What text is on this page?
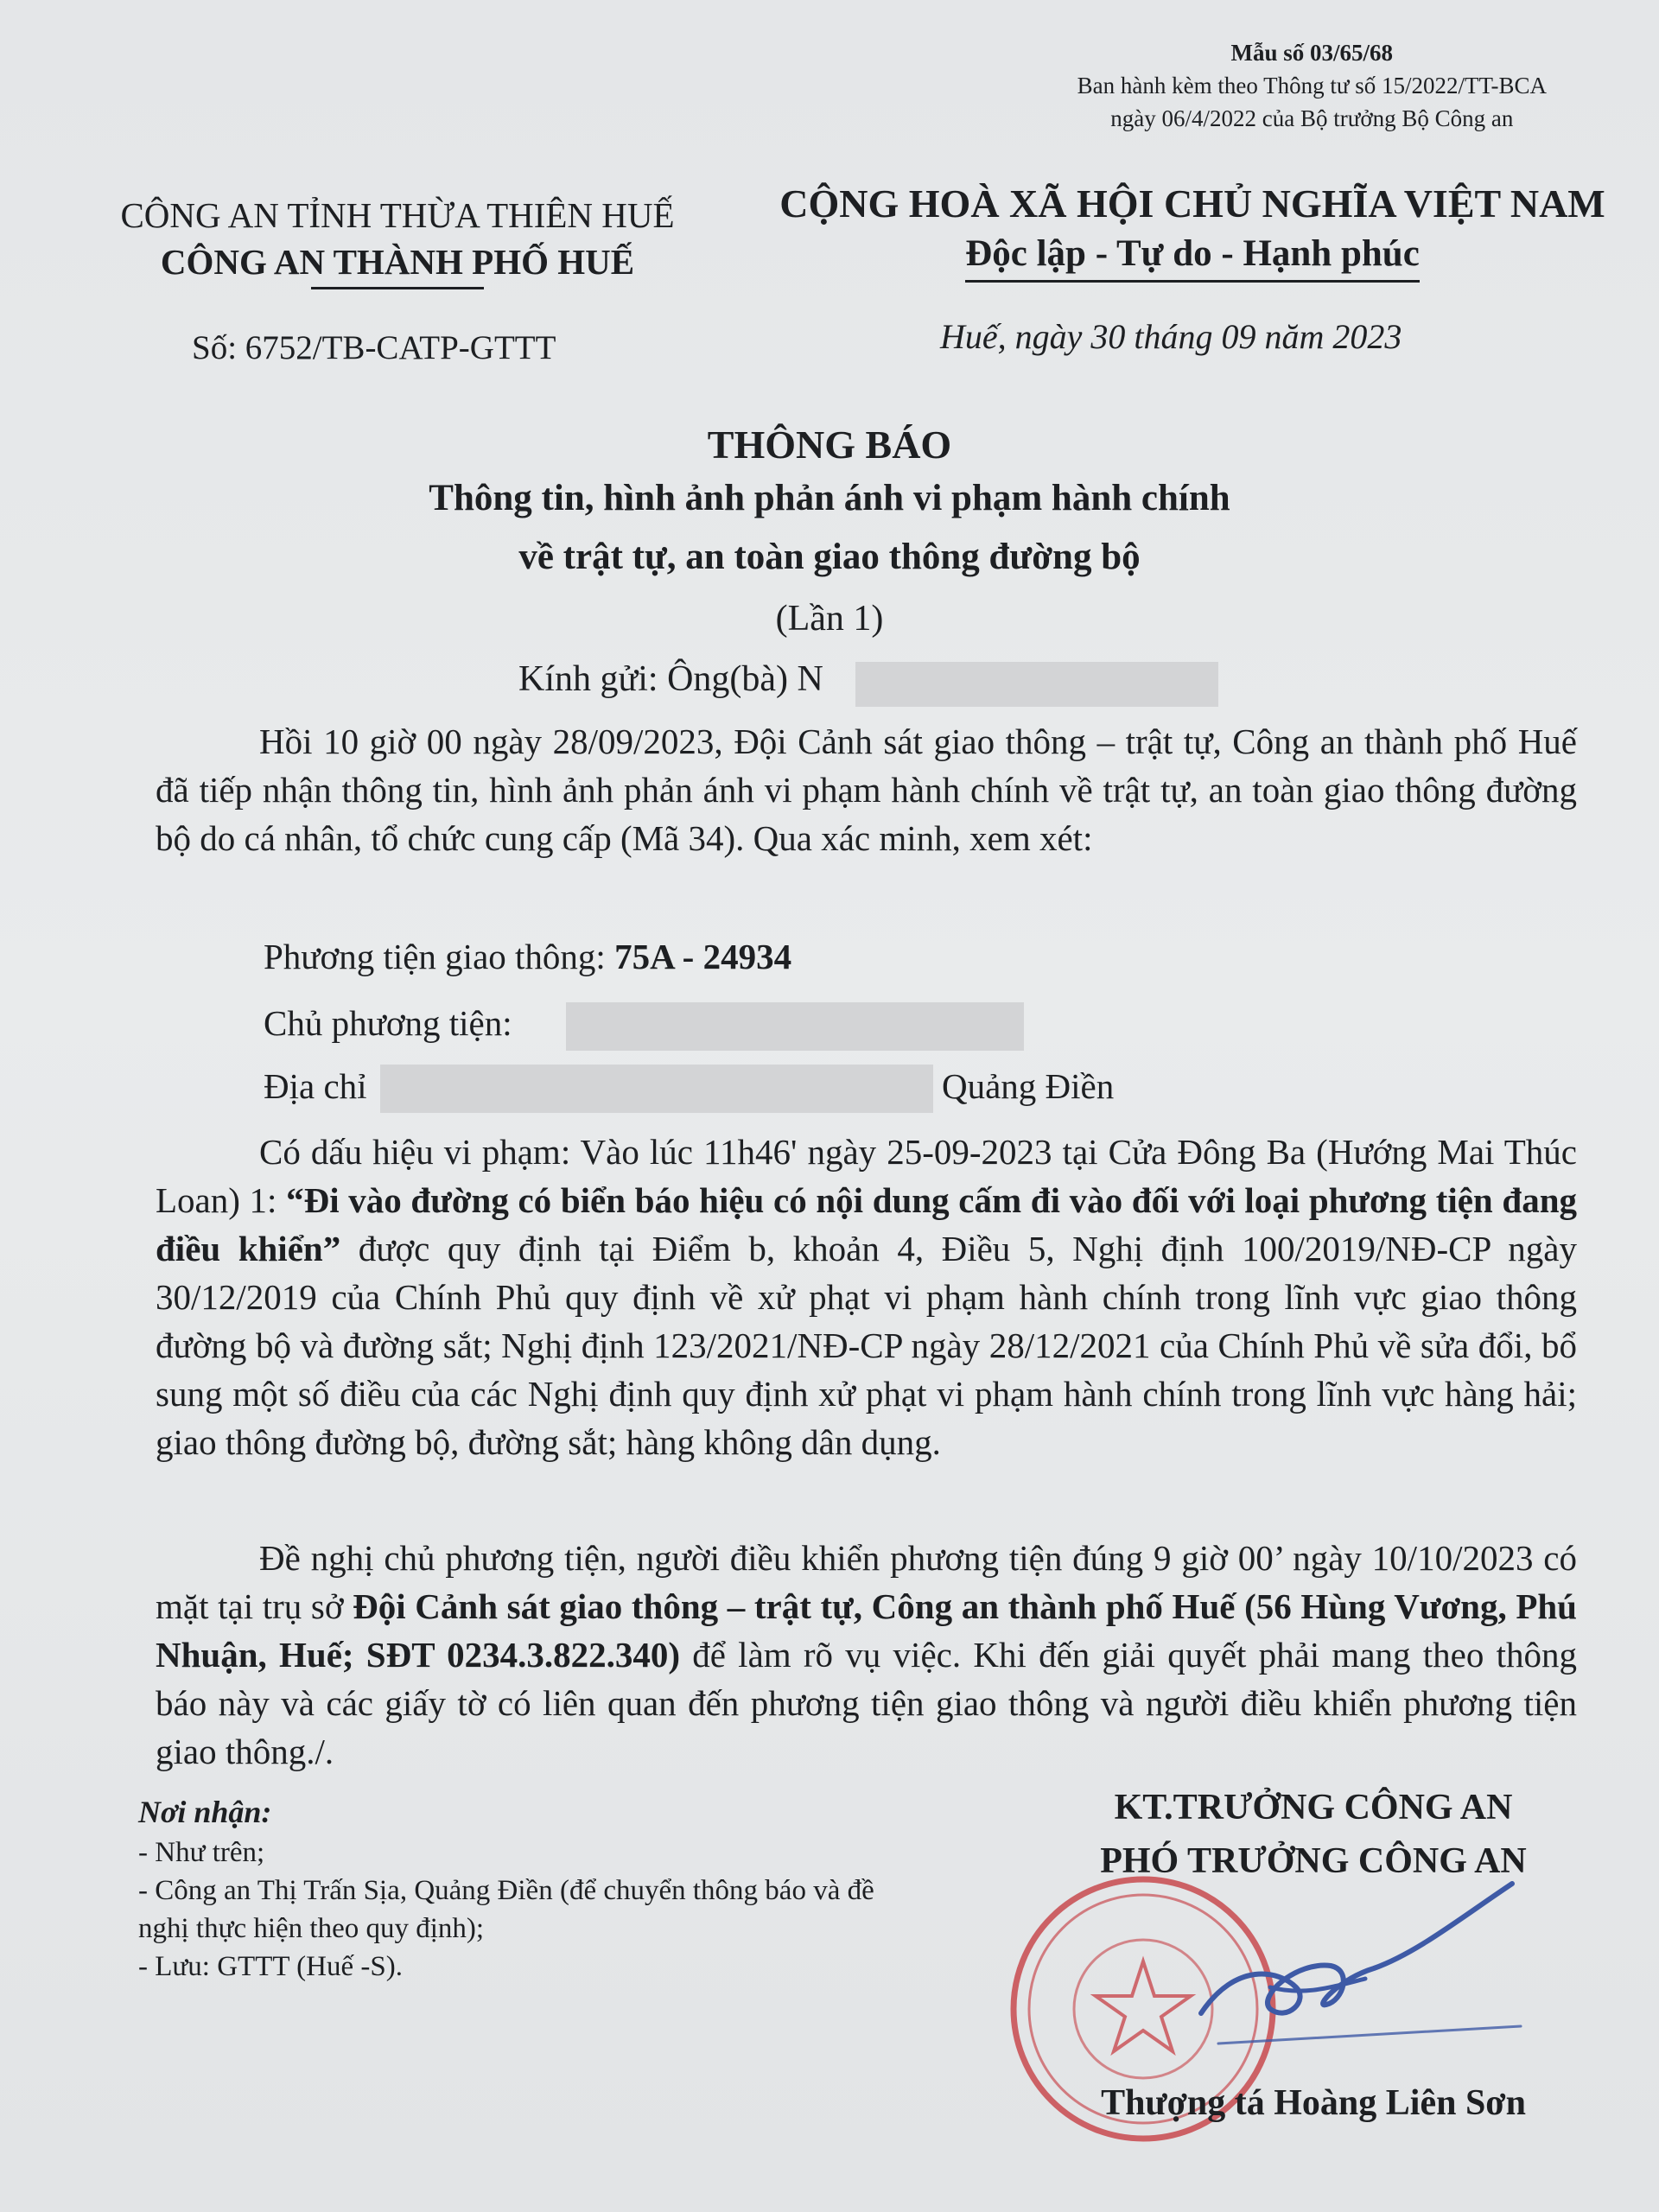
Mẫu số 03/65/68
Ban hành kèm theo Thông tư số 15/2022/TT-BCA
ngày 06/4/2022 của Bộ trưởng Bộ Công an
CÔNG AN TỈNH THỪA THIÊN HUẾ
CÔNG AN THÀNH PHỐ HUẾ
CỘNG HOÀ XÃ HỘI CHỦ NGHĨA VIỆT NAM
Độc lập - Tự do - Hạnh phúc
Số: 6752/TB-CATP-GTTT	Huế, ngày 30 tháng 09 năm 2023
THÔNG BÁO
Thông tin, hình ảnh phản ánh vi phạm hành chính
về trật tự, an toàn giao thông đường bộ
(Lần 1)
Kính gửi: Ông(bà) N
Hồi 10 giờ 00 ngày 28/09/2023, Đội Cảnh sát giao thông – trật tự, Công an thành phố Huế đã tiếp nhận thông tin, hình ảnh phản ánh vi phạm hành chính về trật tự, an toàn giao thông đường bộ do cá nhân, tổ chức cung cấp (Mã 34). Qua xác minh, xem xét:
Phương tiện giao thông: 75A - 24934
Chủ phương tiện:
Địa chỉ	Quảng Điền
Có dấu hiệu vi phạm: Vào lúc 11h46' ngày 25-09-2023 tại Cửa Đông Ba (Hướng Mai Thúc Loan) 1: “Đi vào đường có biển báo hiệu có nội dung cấm đi vào đối với loại phương tiện đang điều khiển” được quy định tại Điểm b, khoản 4, Điều 5, Nghị định 100/2019/NĐ-CP ngày 30/12/2019 của Chính Phủ quy định về xử phạt vi phạm hành chính trong lĩnh vực giao thông đường bộ và đường sắt; Nghị định 123/2021/NĐ-CP ngày 28/12/2021 của Chính Phủ về sửa đổi, bổ sung một số điều của các Nghị định quy định xử phạt vi phạm hành chính trong lĩnh vực hàng hải; giao thông đường bộ, đường sắt; hàng không dân dụng.
Đề nghị chủ phương tiện, người điều khiển phương tiện đúng 9 giờ 00’ ngày 10/10/2023 có mặt tại trụ sở Đội Cảnh sát giao thông – trật tự, Công an thành phố Huế (56 Hùng Vương, Phú Nhuận, Huế; SĐT 0234.3.822.340) để làm rõ vụ việc. Khi đến giải quyết phải mang theo thông báo này và các giấy tờ có liên quan đến phương tiện giao thông và người điều khiển phương tiện giao thông./.
Nơi nhận:
- Như trên;
- Công an Thị Trấn Sịa, Quảng Điền (để chuyển thông báo và đề nghị thực hiện theo quy định);
- Lưu: GTTT (Huế -S).
KT.TRƯỞNG CÔNG AN
PHÓ TRƯỞNG CÔNG AN
Thượng tá Hoàng Liên Sơn
